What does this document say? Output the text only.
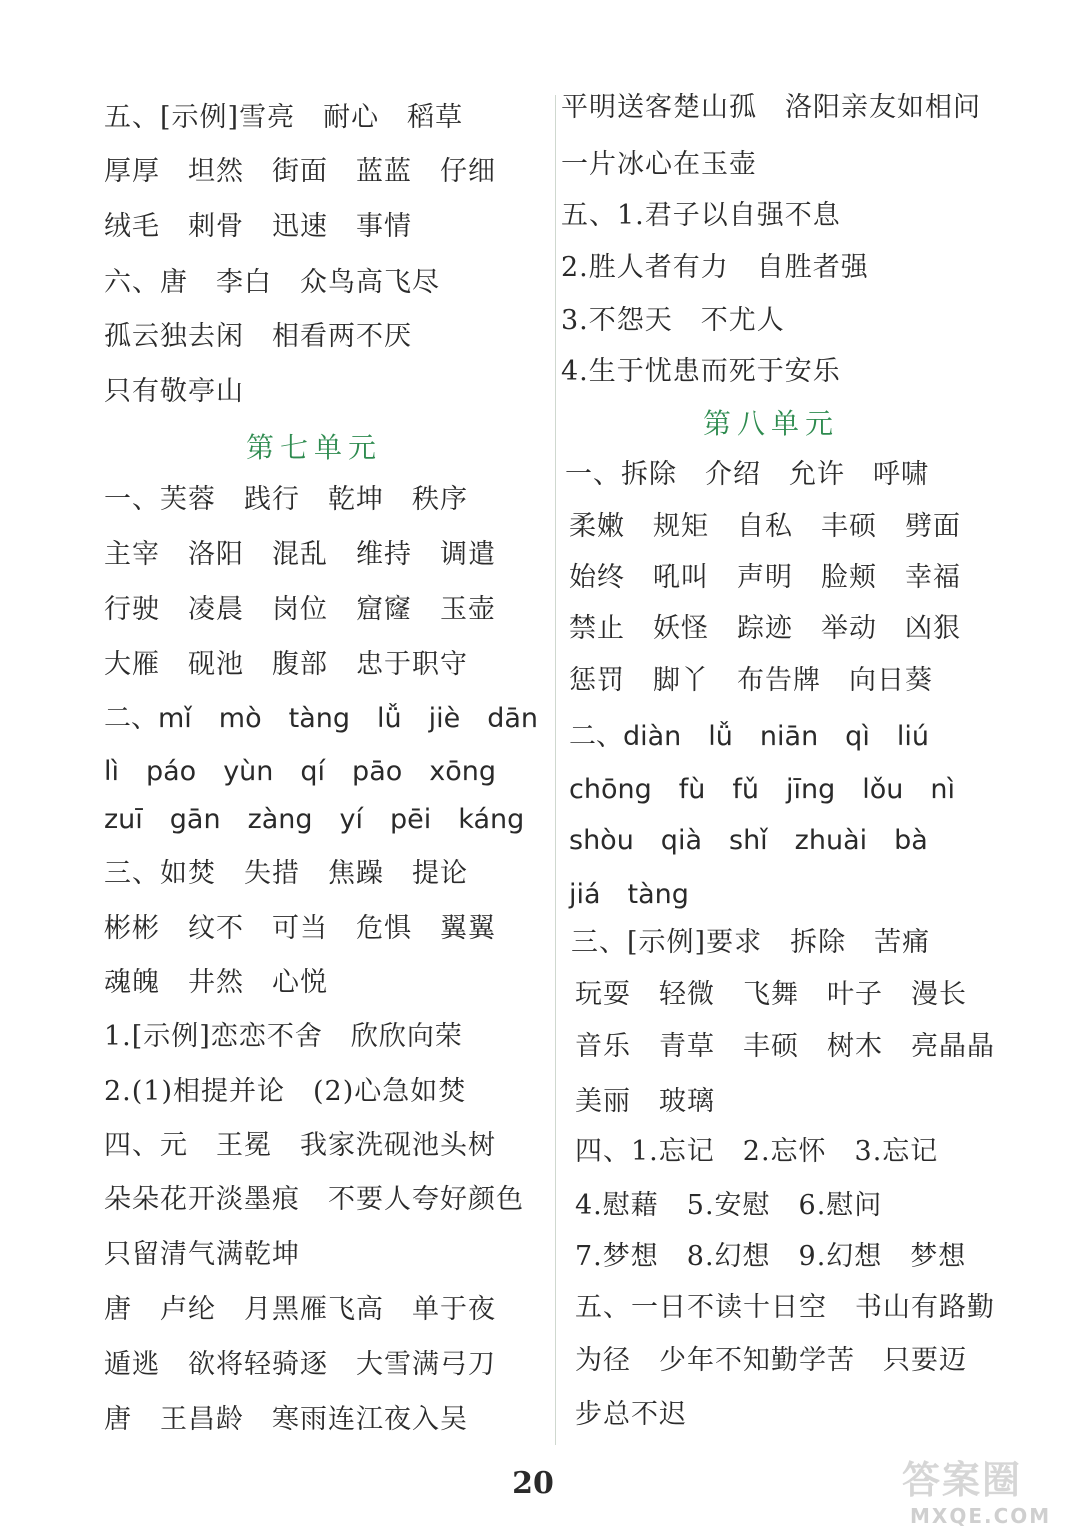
五、[示例]雪亮　耐心　稻草
厚厚　坦然　街面　蓝蓝　仔细
绒毛　刺骨　迅速　事情
六、唐　李白　众鸟高飞尽
孤云独去闲　相看两不厌
只有敬亭山
第七单元
一、芙蓉　践行　乾坤　秩序
主宰　洛阳　混乱　维持　调遣
行驶　凌晨　岗位　窟窿　玉壶
大雁　砚池　腹部　忠于职守
二、mǐ　mò　tàng　lǚ　jiè　dān
lì　páo　yùn　qí　pāo　xōng
zuī　gān　zàng　yí　pēi　káng
三、如焚　失措　焦躁　提论
彬彬　纹不　可当　危惧　翼翼
魂魄　井然　心悦
1.[示例]恋恋不舍　欣欣向荣
2.(1)相提并论　(2)心急如焚
四、元　王冕　我家洗砚池头树
朵朵花开淡墨痕　不要人夸好颜色
只留清气满乾坤
唐　卢纶　月黑雁飞高　单于夜
遁逃　欲将轻骑逐　大雪满弓刀
唐　王昌龄　寒雨连江夜入吴
平明送客楚山孤　洛阳亲友如相问
一片冰心在玉壶
五、1.君子以自强不息
2.胜人者有力　自胜者强
3.不怨天　不尤人
4.生于忧患而死于安乐
第八单元
一、拆除　介绍　允许　呼啸
柔嫩　规矩　自私　丰硕　劈面
始终　吼叫　声明　脸颊　幸福
禁止　妖怪　踪迹　举动　凶狠
惩罚　脚丫　布告牌　向日葵
二、diàn　lǚ　niān　qì　liú
chōng　fù　fǔ　jīng　lǒu　nì
shòu　qià　shǐ　zhuài　bà
jiá　tàng
三、[示例]要求　拆除　苦痛
玩耍　轻微　飞舞　叶子　漫长
音乐　青草　丰硕　树木　亮晶晶
美丽　玻璃
四、1.忘记　2.忘怀　3.忘记
4.慰藉　5.安慰　6.慰问
7.梦想　8.幻想　9.幻想　梦想
五、一日不读十日空　书山有路勤
为径　少年不知勤学苦　只要迈
步总不迟
20	答案圈
MXQE.COM
